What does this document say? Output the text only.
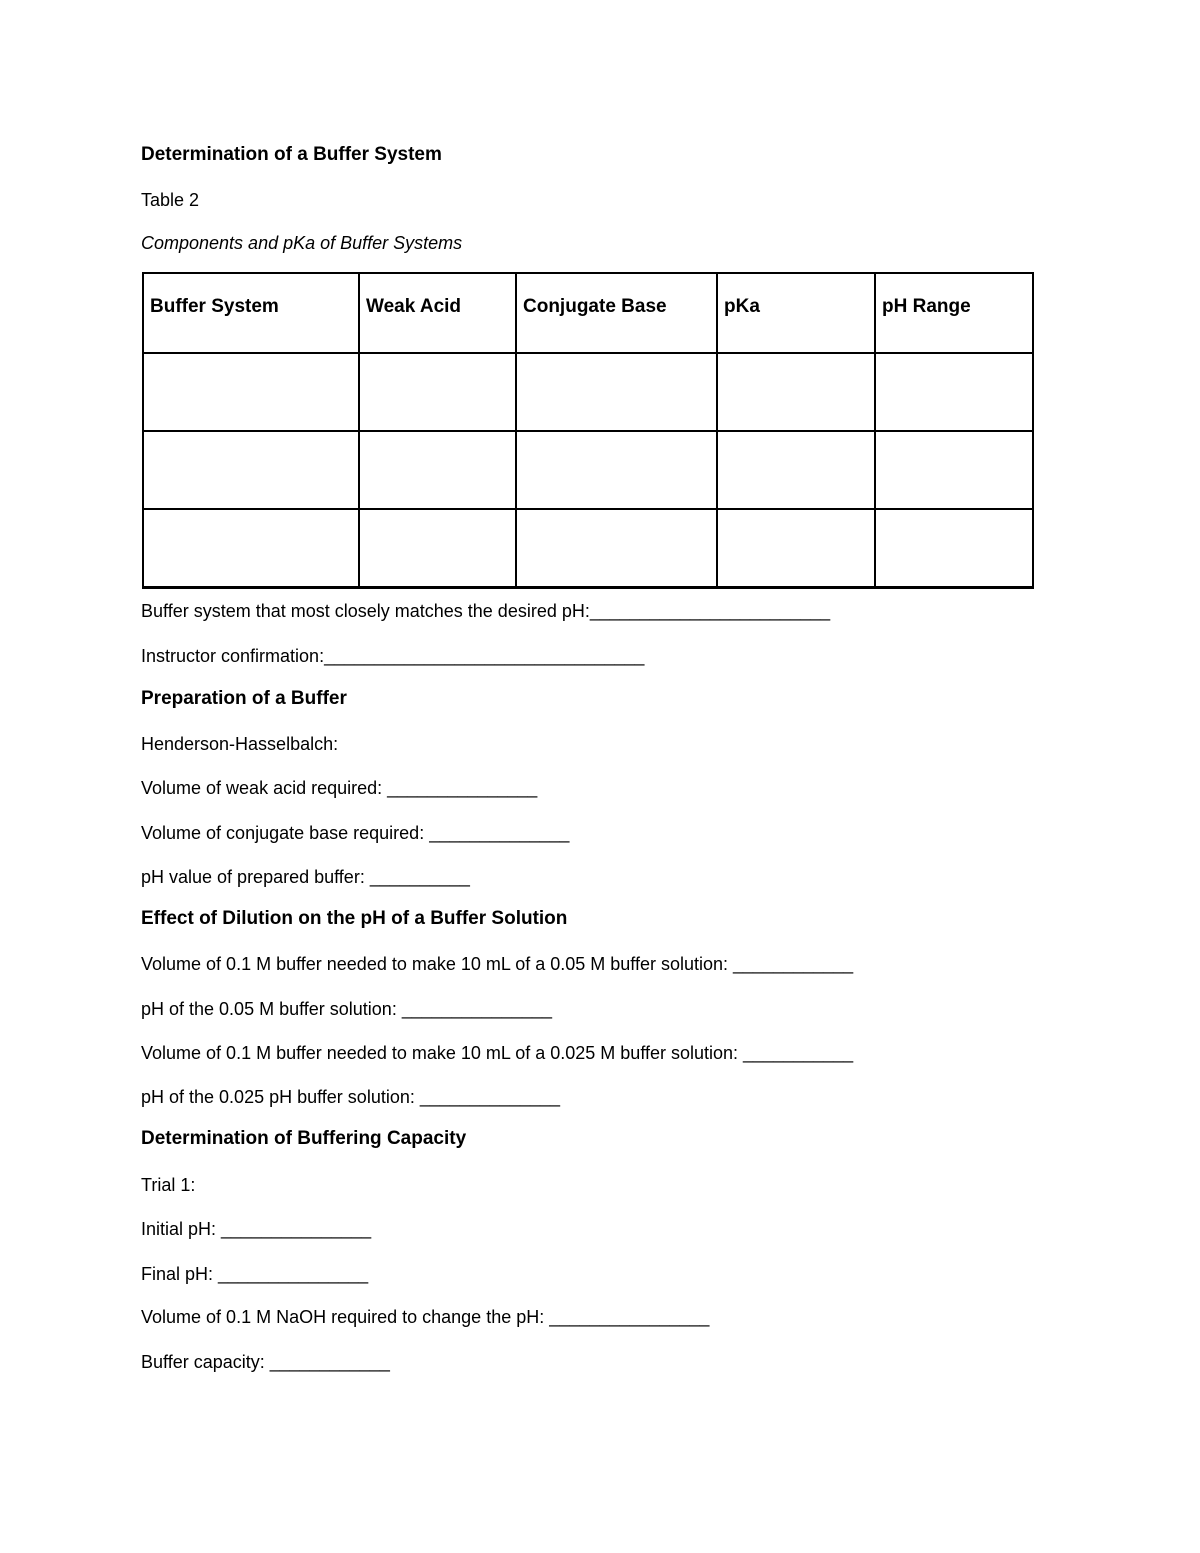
Determination of a Buffer System
Table 2
Components and pKa of Buffer Systems
Buffer System	Weak Acid	Conjugate Base	pKa	pH Range

Buffer system that most closely matches the desired pH:________________________
Instructor confirmation:________________________________
Preparation of a Buffer
Henderson-Hasselbalch:
Volume of weak acid required: _______________
Volume of conjugate base required: ______________
pH value of prepared buffer: __________
Effect of Dilution on the pH of a Buffer Solution
Volume of 0.1 M buffer needed to make 10 mL of a 0.05 M buffer solution: ____________
pH of the 0.05 M buffer solution: _______________
Volume of 0.1 M buffer needed to make 10 mL of a 0.025 M buffer solution: ___________
pH of the 0.025 pH buffer solution: ______________
Determination of Buffering Capacity
Trial 1:
Initial pH: _______________
Final pH: _______________
Volume of 0.1 M NaOH required to change the pH: ________________
Buffer capacity: ____________
